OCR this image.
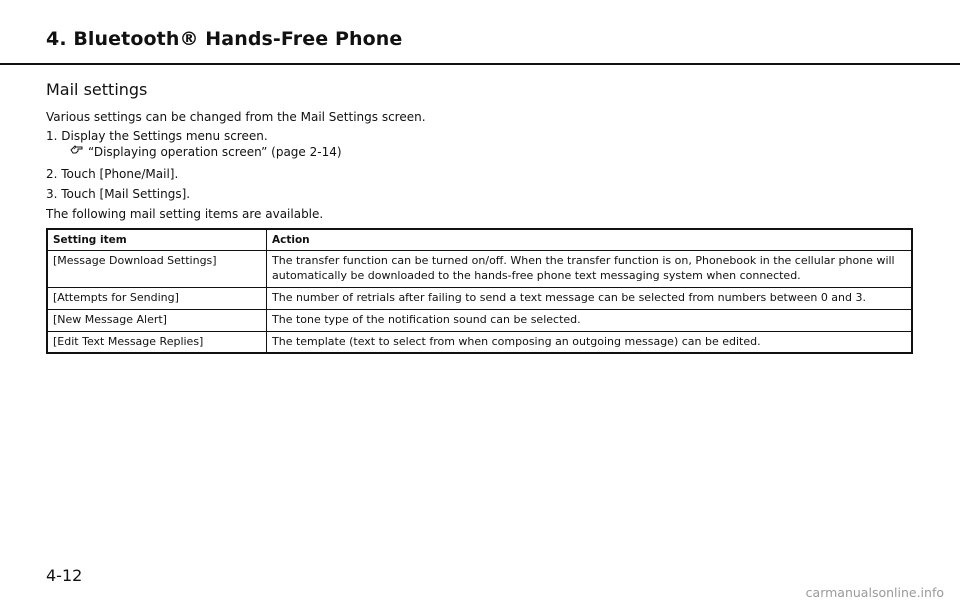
4. Bluetooth® Hands-Free Phone
Mail settings
Various settings can be changed from the Mail Settings screen.
1. Display the Settings menu screen.
“Displaying operation screen” (page 2-14)
2. Touch [Phone/Mail].
3. Touch [Mail Settings].
The following mail setting items are available.
Setting item	Action
[Message Download Settings]	The transfer function can be turned on/off. When the transfer function is on, Phonebook in the cellular phone will automatically be downloaded to the hands-free phone text messaging system when connected.
[Attempts for Sending]	The number of retrials after failing to send a text message can be selected from numbers between 0 and 3.
[New Message Alert]	The tone type of the notification sound can be selected.
[Edit Text Message Replies]	The template (text to select from when composing an outgoing message) can be edited.
4-12
carmanualsonline.info
